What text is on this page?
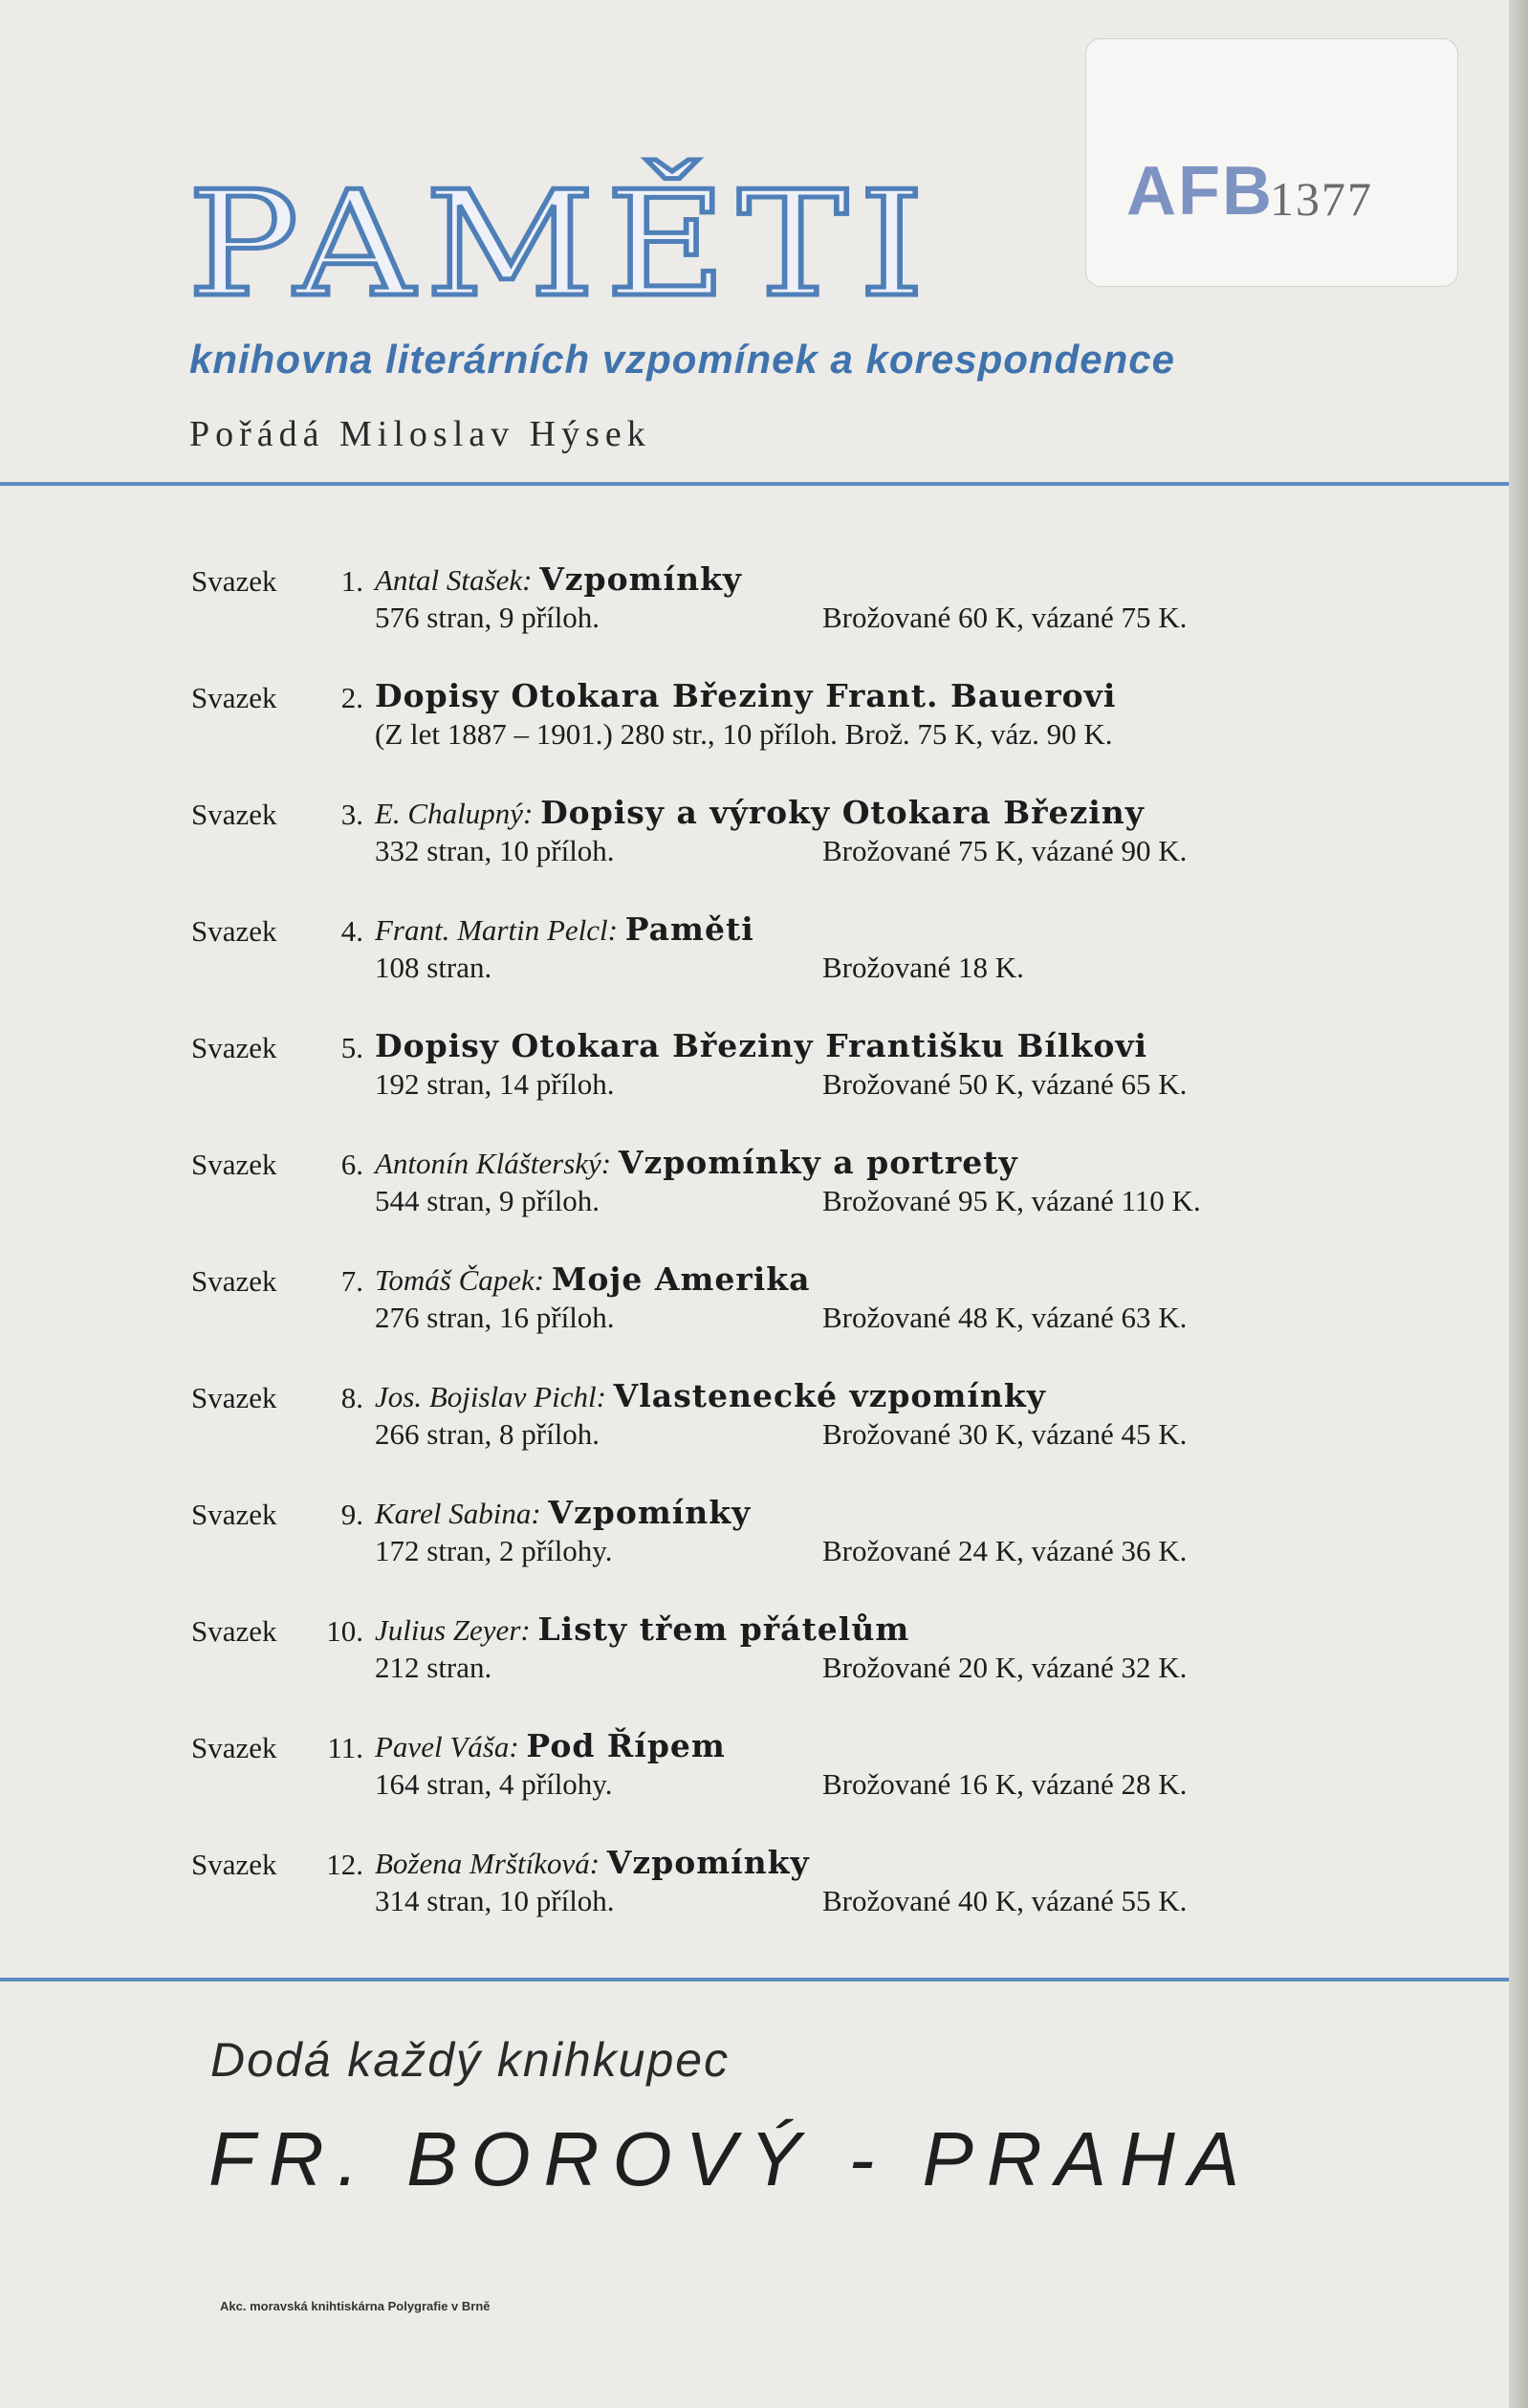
AFB
1377
PAMĚTI
knihovna literárních vzpomínek a korespondence
Pořádá Miloslav Hýsek
Svazek	1. Antal Stašek: Vzpomínky
576 stran, 9 příloh.	Brožované 60 K, vázané 75 K.
Svazek	2. Dopisy Otokara Březiny Frant. Bauerovi
(Z let 1887 – 1901.) 280 str., 10 příloh. Brož. 75 K, váz. 90 K.
Svazek	3. E. Chalupný: Dopisy a výroky Otokara Březiny
332 stran, 10 příloh.	Brožované 75 K, vázané 90 K.
Svazek	4. Frant. Martin Pelcl: Paměti
108 stran.	Brožované 18 K.
Svazek	5. Dopisy Otokara Březiny Františku Bílkovi
192 stran, 14 příloh.	Brožované 50 K, vázané 65 K.
Svazek	6. Antonín Klášterský: Vzpomínky a portrety
544 stran, 9 příloh.	Brožované 95 K, vázané 110 K.
Svazek	7. Tomáš Čapek: Moje Amerika
276 stran, 16 příloh.	Brožované 48 K, vázané 63 K.
Svazek	8. Jos. Bojislav Pichl: Vlastenecké vzpomínky
266 stran, 8 příloh.	Brožované 30 K, vázané 45 K.
Svazek	9. Karel Sabina: Vzpomínky
172 stran, 2 přílohy.	Brožované 24 K, vázané 36 K.
Svazek 10. Julius Zeyer: Listy třem přátelům
212 stran.	Brožované 20 K, vázané 32 K.
Svazek 11. Pavel Váša: Pod Řípem
164 stran, 4 přílohy.	Brožované 16 K, vázané 28 K.
Svazek 12. Božena Mrštíková: Vzpomínky
314 stran, 10 příloh.	Brožované 40 K, vázané 55 K.
Dodá každý knihkupec
FR. BOROVÝ - PRAHA
Akc. moravská knihtiskárna Polygrafie v Brně
